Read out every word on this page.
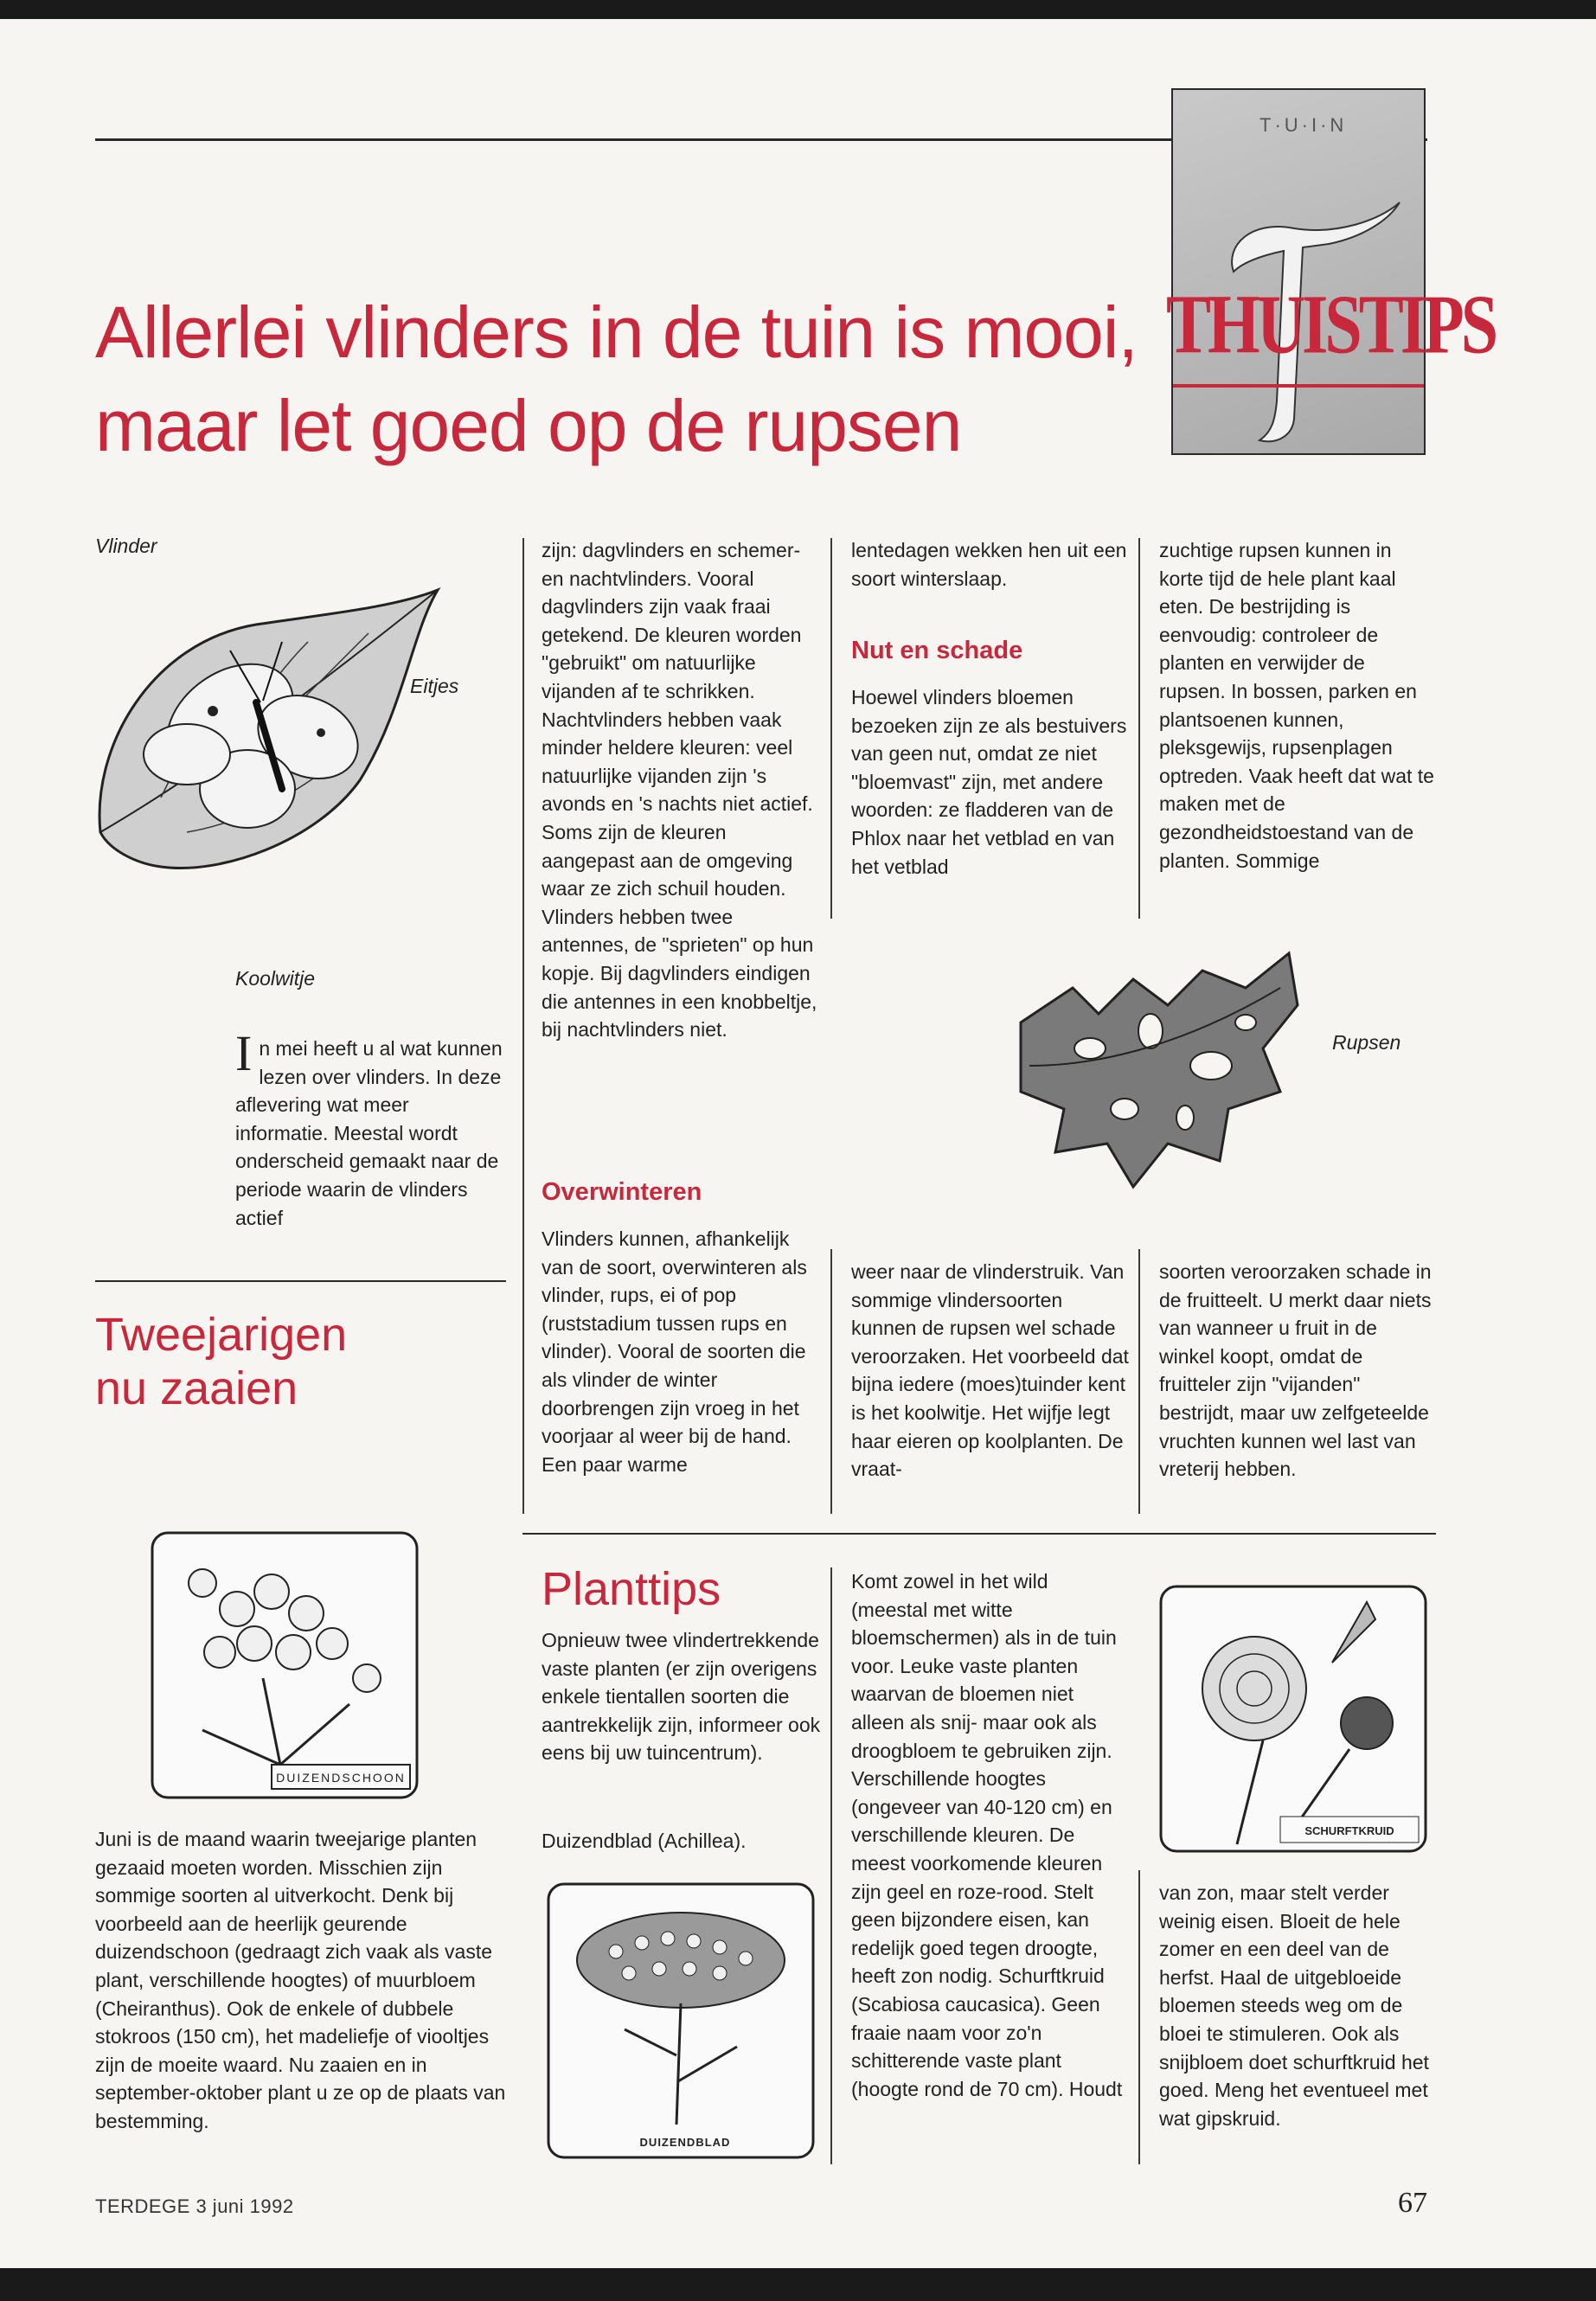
T·U·I·N
THUISTIPS
Allerlei vlinders in de tuin is mooi,
maar let goed op de rupsen
Vlinder
Eitjes
Koolwitje
In mei heeft u al wat kunnen lezen over vlinders. In deze aflevering wat meer informatie. Meestal wordt onderscheid gemaakt naar de periode waarin de vlinders actief
Tweejarigen
nu zaaien
DUIZENDSCHOON
Juni is de maand waarin tweejarige planten gezaaid moeten worden. Misschien zijn sommige soorten al uitverkocht. Denk bij voorbeeld aan de heerlijk geurende duizendschoon (gedraagt zich vaak als vaste plant, verschillende hoogtes) of muurbloem (Cheiranthus). Ook de enkele of dubbele stokroos (150 cm), het madeliefje of viooltjes zijn de moeite waard. Nu zaaien en in september-oktober plant u ze op de plaats van bestemming.
zijn: dagvlinders en schemer- en nachtvlinders. Vooral dagvlinders zijn vaak fraai getekend. De kleuren worden "gebruikt" om natuurlijke vijanden af te schrikken. Nachtvlinders hebben vaak minder heldere kleuren: veel natuurlijke vijanden zijn 's avonds en 's nachts niet actief. Soms zijn de kleuren aangepast aan de omgeving waar ze zich schuil houden. Vlinders hebben twee antennes, de "sprieten" op hun kopje. Bij dagvlinders eindigen die antennes in een knobbeltje, bij nachtvlinders niet.
Overwinteren
Vlinders kunnen, afhankelijk van de soort, overwinteren als vlinder, rups, ei of pop (ruststadium tussen rups en vlinder). Vooral de soorten die als vlinder de winter doorbrengen zijn vroeg in het voorjaar al weer bij de hand. Een paar warme
lentedagen wekken hen uit een soort winterslaap.
Nut en schade
Hoewel vlinders bloemen bezoeken zijn ze als bestuivers van geen nut, omdat ze niet "bloemvast" zijn, met andere woorden: ze fladderen van de Phlox naar het vetblad en van het vetblad
zuchtige rupsen kunnen in korte tijd de hele plant kaal eten. De bestrijding is eenvoudig: controleer de planten en verwijder de rupsen. In bossen, parken en plantsoenen kunnen, pleksgewijs, rupsenplagen optreden. Vaak heeft dat wat te maken met de gezondheidstoestand van de planten. Sommige
Rupsen
weer naar de vlinderstruik. Van sommige vlindersoorten kunnen de rupsen wel schade veroorzaken. Het voorbeeld dat bijna iedere (moes)tuinder kent is het koolwitje. Het wijfje legt haar eieren op koolplanten. De vraat-
soorten veroorzaken schade in de fruitteelt. U merkt daar niets van wanneer u fruit in de winkel koopt, omdat de fruitteler zijn "vijanden" bestrijdt, maar uw zelfgeteelde vruchten kunnen wel last van vreterij hebben.
Planttips
Opnieuw twee vlindertrekkende vaste planten (er zijn overigens enkele tientallen soorten die aantrekkelijk zijn, informeer ook eens bij uw tuincentrum).
Duizendblad (Achillea).
DUIZENDBLAD
Komt zowel in het wild (meestal met witte bloemschermen) als in de tuin voor. Leuke vaste planten waarvan de bloemen niet alleen als snij- maar ook als droogbloem te gebruiken zijn. Verschillende hoogtes (ongeveer van 40-120 cm) en verschillende kleuren. De meest voorkomende kleuren zijn geel en roze-rood. Stelt geen bijzondere eisen, kan redelijk goed tegen droogte, heeft zon nodig. Schurftkruid (Scabiosa caucasica). Geen fraaie naam voor zo'n schitterende vaste plant (hoogte rond de 70 cm). Houdt
SCHURFTKRUID
van zon, maar stelt verder weinig eisen. Bloeit de hele zomer en een deel van de herfst. Haal de uitgebloeide bloemen steeds weg om de bloei te stimuleren. Ook als snijbloem doet schurftkruid het goed. Meng het eventueel met wat gipskruid.
TERDEGE 3 juni 1992	67
